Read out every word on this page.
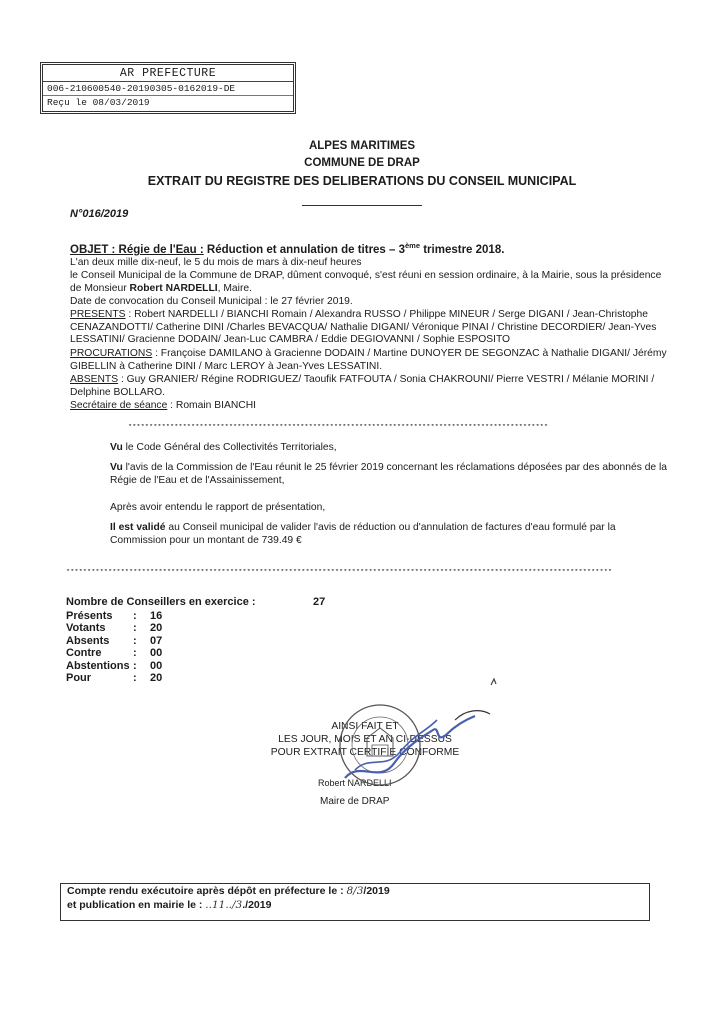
AR PREFECTURE
006-210600540-20190305-0162019-DE
Reçu le 08/03/2019
ALPES MARITIMES
COMMUNE DE DRAP
EXTRAIT DU REGISTRE DES DELIBERATIONS DU CONSEIL MUNICIPAL
N°016/2019
OBJET : Régie de l'Eau : Réduction et annulation de titres – 3ème trimestre 2018.
L'an deux mille dix-neuf, le 5 du mois de mars à dix-neuf heures
le Conseil Municipal de la Commune de DRAP, dûment convoqué, s'est réuni en session ordinaire, à la Mairie, sous la présidence de Monsieur Robert NARDELLI, Maire.
Date de convocation du Conseil Municipal : le 27 février 2019.
PRESENTS : Robert NARDELLI / BIANCHI Romain / Alexandra RUSSO / Philippe MINEUR / Serge DIGANI / Jean-Christophe CENAZANDOTTI/ Catherine DINI /Charles BEVACQUA/ Nathalie DIGANI/ Véronique PINAI / Christine DECORDIER/ Jean-Yves LESSATINI/ Gracienne DODAIN/ Jean-Luc CAMBRA / Eddie DEGIOVANNI / Sophie ESPOSITO
PROCURATIONS : Françoise DAMILANO à Gracienne DODAIN / Martine DUNOYER DE SEGONZAC à Nathalie DIGANI/ Jérémy GIBELLIN à Catherine DINI / Marc LEROY à Jean-Yves LESSATINI.
ABSENTS : Guy GRANIER/ Régine RODRIGUEZ/ Taoufik FATFOUTA / Sonia CHAKROUNI/ Pierre VESTRI / Mélanie MORINI / Delphine BOLLARO.
Secrétaire de séance : Romain BIANCHI
****************************************************************************************************
Vu le Code Général des Collectivités Territoriales,
Vu l'avis de la Commission de l'Eau réunit le 25 février 2019 concernant les réclamations déposées par des abonnés de la Régie de l'Eau et de l'Assainissement,
Après avoir entendu le rapport de présentation,
Il est validé au Conseil municipal de valider l'avis de réduction ou d'annulation de factures d'eau formulé par la Commission pour un montant de 739.49 €
**********************************************************************************************************************************
Nombre de Conseillers en exercice :	27
Présents : 16
Votants : 20
Absents : 07
Contre	: 00
Abstentions : 00
Pour	: 20
AINSI FAIT ET
LES JOUR, MOIS ET AN CI-DESSUS
POUR EXTRAIT CERTIFIE CONFORME
Robert NARDELLI
Maire de DRAP
Compte rendu exécutoire après dépôt en préfecture le : 8/3/2019
et publication en mairie le : ..11../3./2019
